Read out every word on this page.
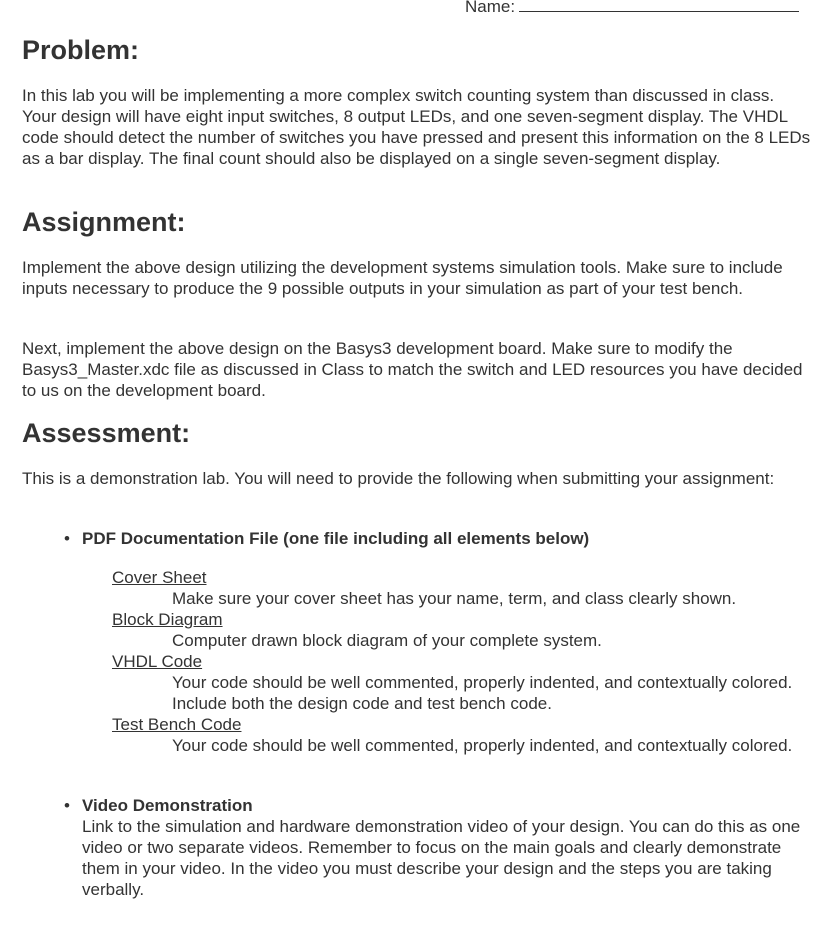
Name:
Problem:

In this lab you will be implementing a more complex switch counting system than discussed in class. Your design will have eight input switches, 8 output LEDs, and one seven-segment display. The VHDL code should detect the number of switches you have pressed and present this information on the 8 LEDs as a bar display. The final count should also be displayed on a single seven-segment display.

Assignment:

Implement the above design utilizing the development systems simulation tools. Make sure to include inputs necessary to produce the 9 possible outputs in your simulation as part of your test bench.

Next, implement the above design on the Basys3 development board. Make sure to modify the Basys3_Master.xdc file as discussed in Class to match the switch and LED resources you have decided to us on the development board.

Assessment:

This is a demonstration lab. You will need to provide the following when submitting your assignment:

• PDF Documentation File (one file including all elements below)
Cover Sheet
Make sure your cover sheet has your name, term, and class clearly shown.
Block Diagram
Computer drawn block diagram of your complete system.
VHDL Code
Your code should be well commented, properly indented, and contextually colored. Include both the design code and test bench code.
Test Bench Code
Your code should be well commented, properly indented, and contextually colored.
• Video Demonstration
Link to the simulation and hardware demonstration video of your design. You can do this as one video or two separate videos. Remember to focus on the main goals and clearly demonstrate them in your video. In the video you must describe your design and the steps you are taking verbally.
